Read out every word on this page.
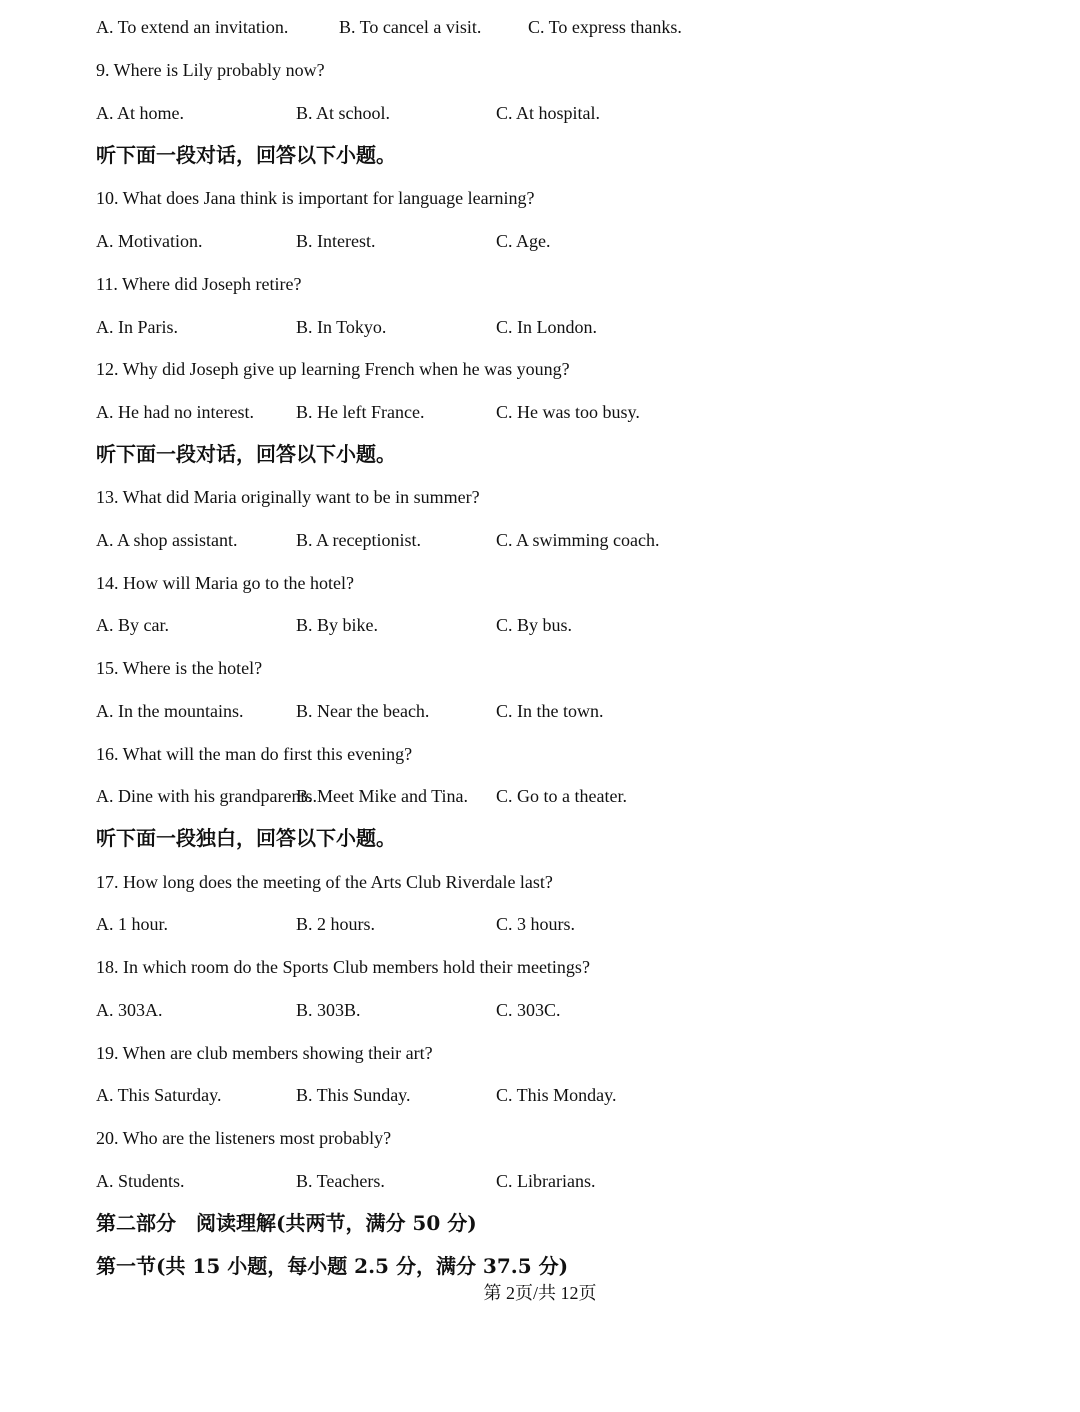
A. To extend an invitation.	B. To cancel a visit.	C. To express thanks.
9. Where is Lily probably now?
A. At home.	B. At school.	C. At hospital.
听下面一段对话，回答以下小题。
10. What does Jana think is important for language learning?
A. Motivation.	B. Interest.	C. Age.
11. Where did Joseph retire?
A. In Paris.	B. In Tokyo.	C. In London.
12. Why did Joseph give up learning French when he was young?
A. He had no interest. B. He left France.	C. He was too busy.
听下面一段对话，回答以下小题。
13. What did Maria originally want to be in summer?
A. A shop assistant.	B. A receptionist.	C. A swimming coach.
14. How will Maria go to the hotel?
A. By car.	B. By bike.	C. By bus.
15. Where is the hotel?
A. In the mountains.	B. Near the beach.	C. In the town.
16. What will the man do first this evening?
A. Dine with his grandparents.
B. Meet Mike and Tina. C. Go to a theater.
听下面一段独白，回答以下小题。
17. How long does the meeting of the Arts Club Riverdale last?
A. 1 hour.	B. 2 hours.	C. 3 hours.
18. In which room do the Sports Club members hold their meetings?
A. 303A.	B. 303B.	C. 303C.
19. When are club members showing their art?
A. This Saturday.	B. This Sunday.	C. This Monday.
20. Who are the listeners most probably?
A. Students.	B. Teachers.	C. Librarians.
第二部分　阅读理解(共两节，满分 50 分)
第一节(共 15 小题，每小题 2.5 分，满分 37.5 分)
第 2页/共 12页
